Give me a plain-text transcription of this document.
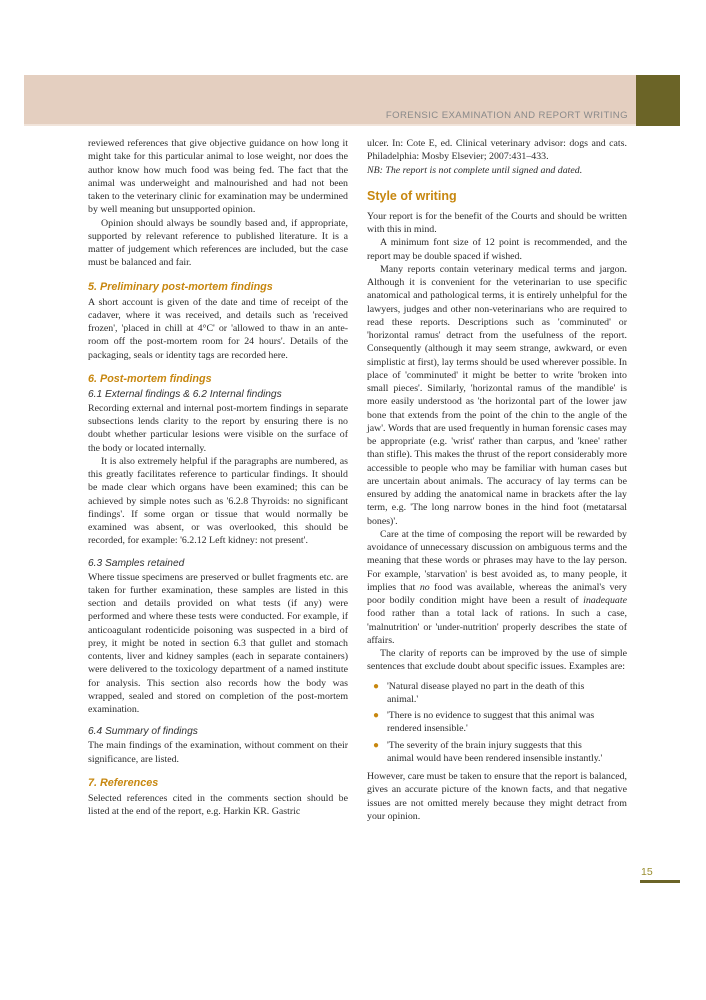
FORENSIC EXAMINATION AND REPORT WRITING

reviewed references that give objective guidance on how long it might take for this particular animal to lose weight, nor does the author know how much food was being fed. The fact that the animal was underweight and malnourished and had not been taken to the veterinary clinic for examination may be undermined by well meaning but unsupported opinion.

Opinion should always be soundly based and, if appropriate, supported by relevant reference to published literature. It is a matter of judgement which references are included, but the case must be balanced and fair.

5. Preliminary post-mortem findings

A short account is given of the date and time of receipt of the cadaver, where it was received, and details such as 'received frozen', 'placed in chill at 4°C' or 'allowed to thaw in an ante-room off the post-mortem room for 24 hours'. Details of the packaging, seals or identity tags are recorded here.

6. Post-mortem findings
6.1 External findings & 6.2 Internal findings

Recording external and internal post-mortem findings in separate subsections lends clarity to the report by ensuring there is no doubt whether particular lesions were visible on the surface of the body or located internally.

It is also extremely helpful if the paragraphs are numbered, as this greatly facilitates reference to particular findings. It should be made clear which organs have been examined; this can be achieved by simple notes such as '6.2.8 Thyroids: no significant findings'. If some organ or tissue that would normally be examined was absent, or was overlooked, this should be recorded, for example: '6.2.12 Left kidney: not present'.

6.3 Samples retained

Where tissue specimens are preserved or bullet fragments etc. are taken for further examination, these samples are listed in this section and details provided on what tests (if any) were performed and where these tests were conducted. For example, if anticoagulant rodenticide poisoning was suspected in a bird of prey, it might be noted in section 6.3 that gullet and stomach contents, liver and kidney samples (each in separate containers) were delivered to the toxicology department of a named institute for analysis. This section also records how the body was wrapped, sealed and stored on completion of the post-mortem examination.

6.4 Summary of findings

The main findings of the examination, without comment on their significance, are listed.

7. References

Selected references cited in the comments section should be listed at the end of the report, e.g. Harkin KR. Gastric

ulcer. In: Cote E, ed. Clinical veterinary advisor: dogs and cats. Philadelphia: Mosby Elsevier; 2007:431–433.
NB: The report is not complete until signed and dated.

Style of writing

Your report is for the benefit of the Courts and should be written with this in mind.

A minimum font size of 12 point is recommended, and the report may be double spaced if wished.

Many reports contain veterinary medical terms and jargon. Although it is convenient for the veterinarian to use specific anatomical and pathological terms, it is entirely unhelpful for the lawyers, judges and other non-veterinarians who are required to read these reports. Descriptions such as 'comminuted' or 'horizontal ramus' detract from the usefulness of the report. Consequently (although it may seem strange, awkward, or even simplistic at first), lay terms should be used wherever possible. In place of 'comminuted' it might be better to write 'broken into small pieces'. Similarly, 'horizontal ramus of the mandible' is more easily understood as 'the horizontal part of the lower jaw bone that extends from the point of the chin to the angle of the jaw'. Words that are used frequently in human forensic cases may be appropriate (e.g. 'wrist' rather than carpus, and 'knee' rather than stifle). This makes the thrust of the report considerably more accessible to people who may be familiar with human cases but are uncertain about animals. The accuracy of lay terms can be ensured by adding the anatomical name in brackets after the lay term, e.g. 'The long narrow bones in the hind foot (metatarsal bones)'.

Care at the time of composing the report will be rewarded by avoidance of unnecessary discussion on ambiguous terms and the meaning that these words or phrases may have to the lay person. For example, 'starvation' is best avoided as, to many people, it implies that no food was available, whereas the animal's very poor bodily condition might have been a result of inadequate food rather than a total lack of rations. In such a case, 'malnutrition' or 'under-nutrition' properly describes the state of affairs.

The clarity of reports can be improved by the use of simple sentences that exclude doubt about specific issues. Examples are:

● 'Natural disease played no part in the death of this animal.'
● 'There is no evidence to suggest that this animal was rendered insensible.'
● 'The severity of the brain injury suggests that this animal would have been rendered insensible instantly.'

However, care must be taken to ensure that the report is balanced, gives an accurate picture of the known facts, and that negative issues are not omitted merely because they might detract from your opinion.

15
